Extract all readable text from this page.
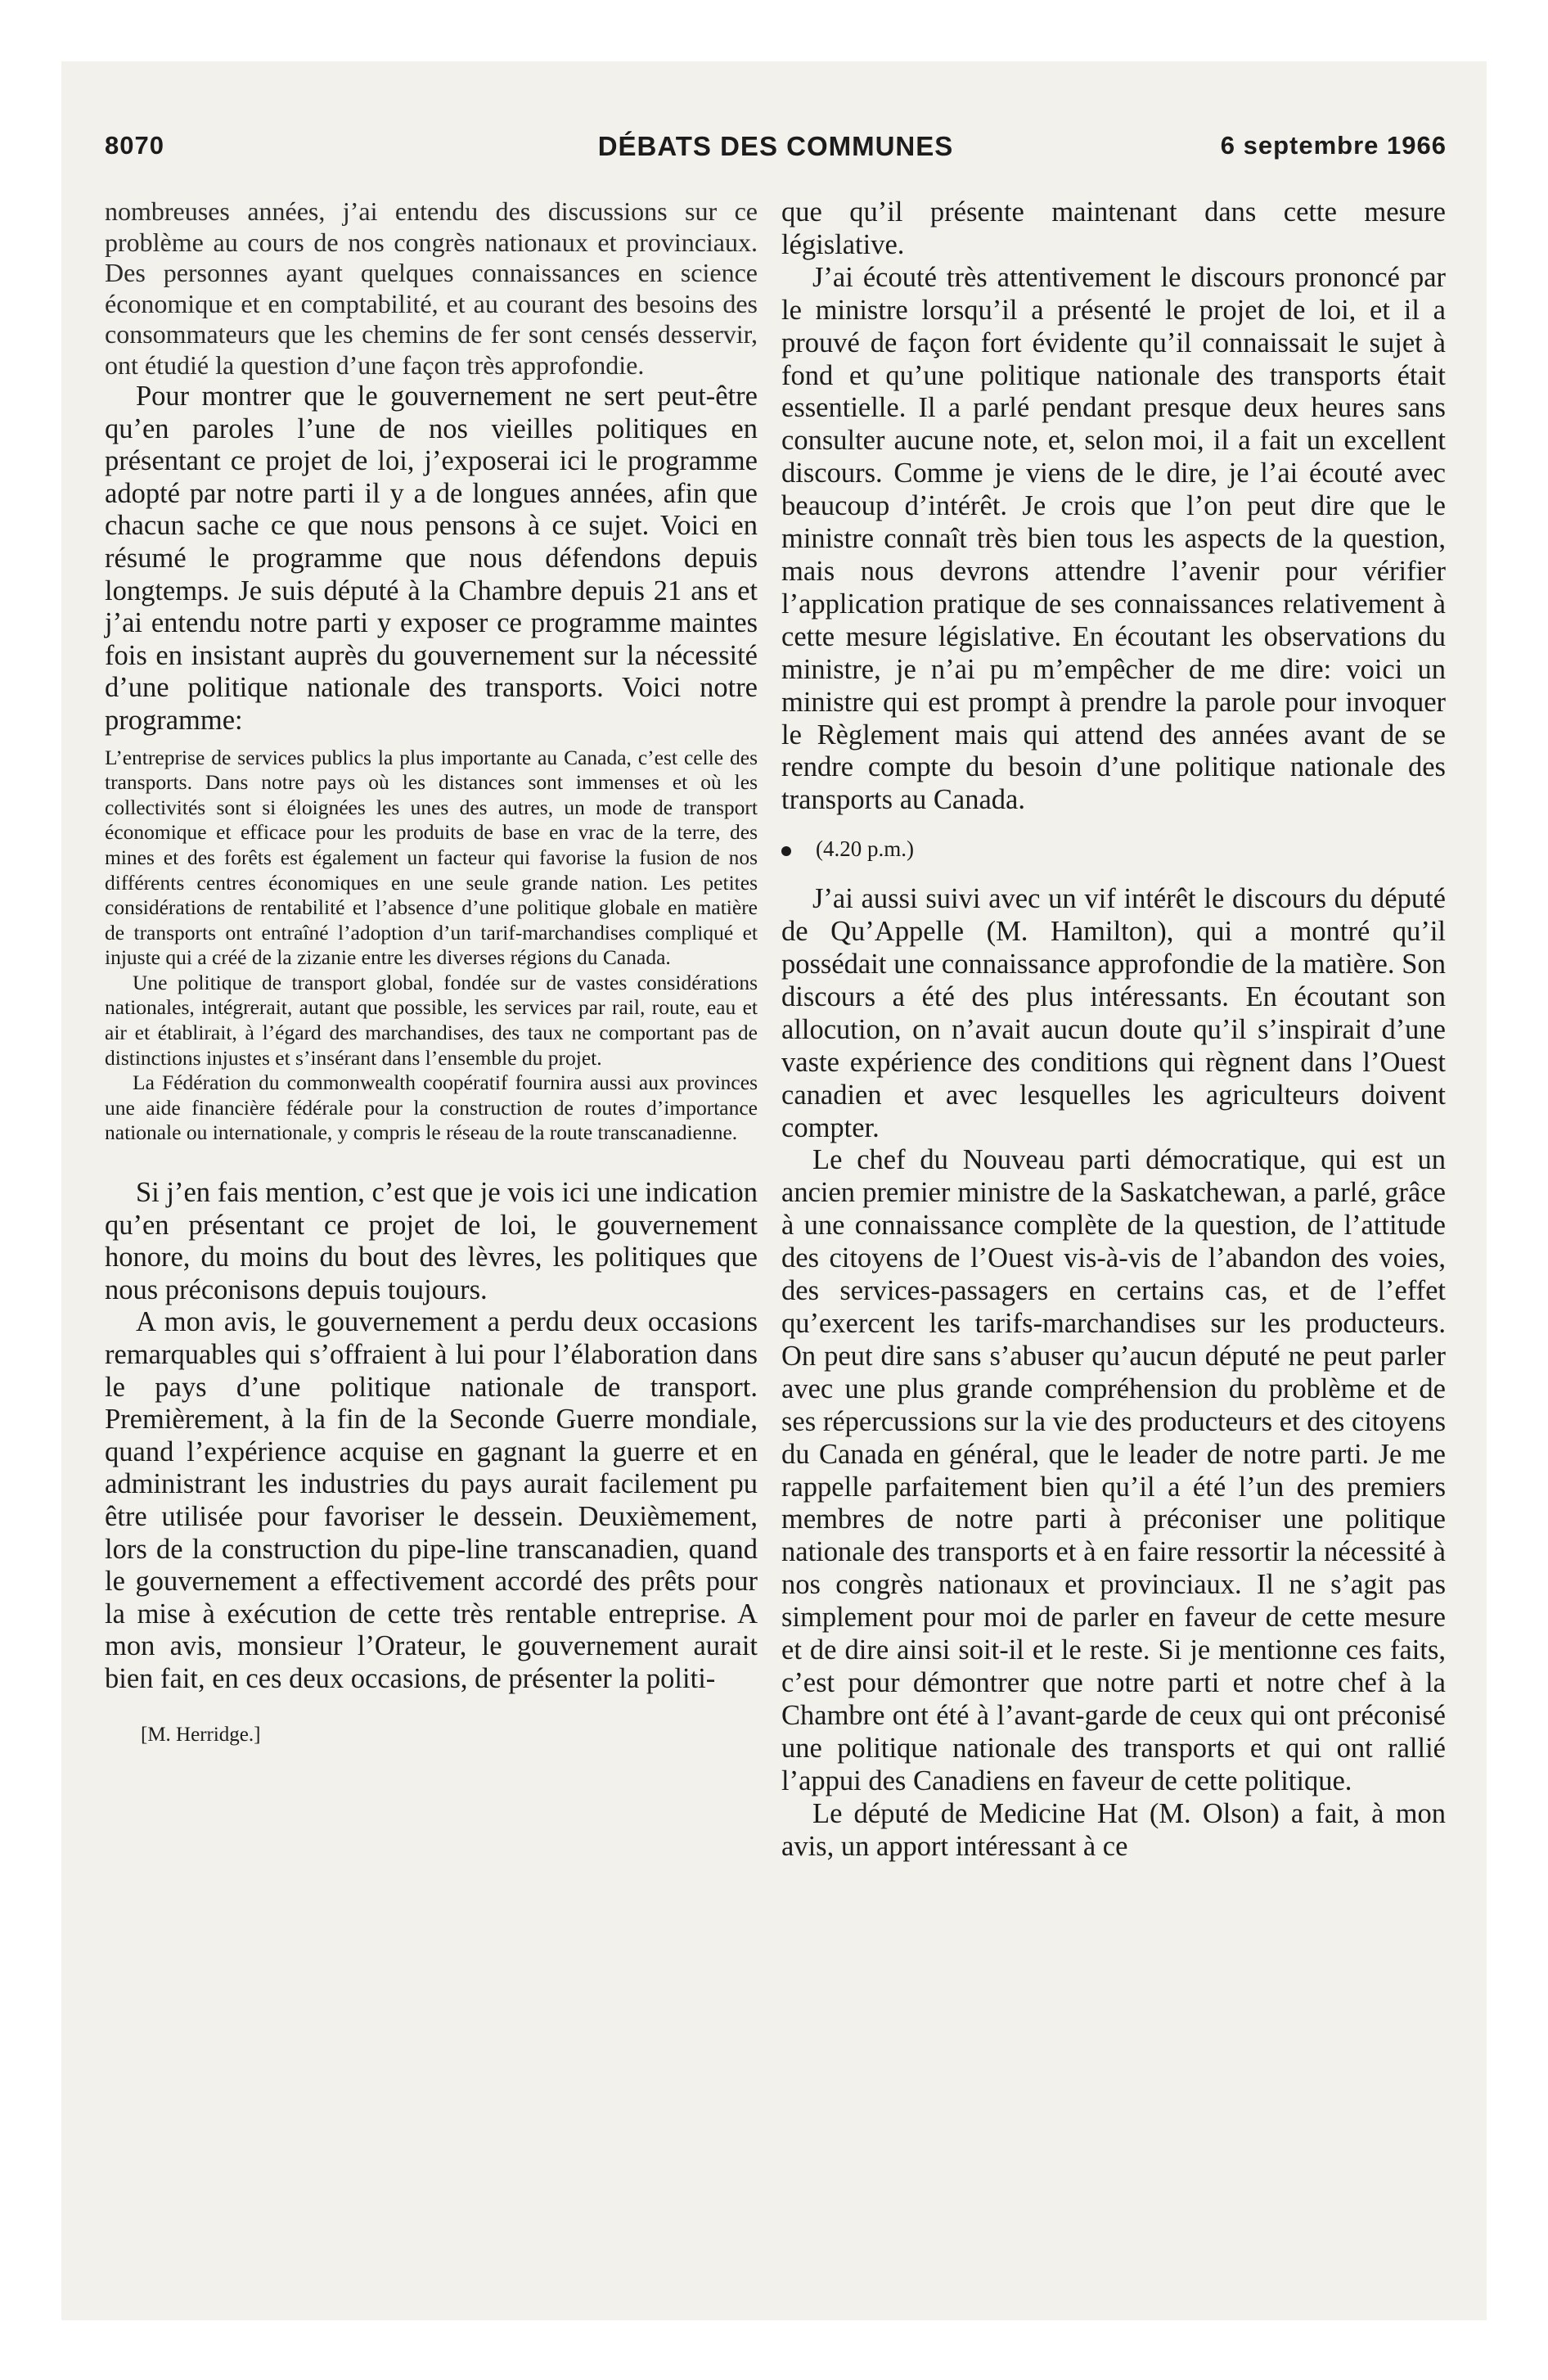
8070	DÉBATS DES COMMUNES	6 septembre 1966

nombreuses années, j’ai entendu des discussions sur ce problème au cours de nos congrès nationaux et provinciaux. Des personnes ayant quelques connaissances en science économique et en comptabilité, et au courant des besoins des consommateurs que les chemins de fer sont censés desservir, ont étudié la question d’une façon très approfondie.

Pour montrer que le gouvernement ne sert peut-être qu’en paroles l’une de nos vieilles politiques en présentant ce projet de loi, j’exposerai ici le programme adopté par notre parti il y a de longues années, afin que chacun sache ce que nous pensons à ce sujet. Voici en résumé le programme que nous défendons depuis longtemps. Je suis député à la Chambre depuis 21 ans et j’ai entendu notre parti y exposer ce programme maintes fois en insistant auprès du gouvernement sur la nécessité d’une politique nationale des transports. Voici notre programme:

L’entreprise de services publics la plus importante au Canada, c’est celle des transports. Dans notre pays où les distances sont immenses et où les collectivités sont si éloignées les unes des autres, un mode de transport économique et efficace pour les produits de base en vrac de la terre, des mines et des forêts est également un facteur qui favorise la fusion de nos différents centres économiques en une seule grande nation. Les petites considérations de rentabilité et l’absence d’une politique globale en matière de transports ont entraîné l’adoption d’un tarif-marchandises compliqué et injuste qui a créé de la zizanie entre les diverses régions du Canada.

Une politique de transport global, fondée sur de vastes considérations nationales, intégrerait, autant que possible, les services par rail, route, eau et air et établirait, à l’égard des marchandises, des taux ne comportant pas de distinctions injustes et s’insérant dans l’ensemble du projet.

La Fédération du commonwealth coopératif fournira aussi aux provinces une aide financière fédérale pour la construction de routes d’importance nationale ou internationale, y compris le réseau de la route transcanadienne.

Si j’en fais mention, c’est que je vois ici une indication qu’en présentant ce projet de loi, le gouvernement honore, du moins du bout des lèvres, les politiques que nous préconisons depuis toujours.

A mon avis, le gouvernement a perdu deux occasions remarquables qui s’offraient à lui pour l’élaboration dans le pays d’une politique nationale de transport. Premièrement, à la fin de la Seconde Guerre mondiale, quand l’expérience acquise en gagnant la guerre et en administrant les industries du pays aurait facilement pu être utilisée pour favoriser le dessein. Deuxièmement, lors de la construction du pipe-line transcanadien, quand le gouvernement a effectivement accordé des prêts pour la mise à exécution de cette très rentable entreprise. A mon avis, monsieur l’Orateur, le gouvernement aurait bien fait, en ces deux occasions, de présenter la politi-

[M. Herridge.]

que qu’il présente maintenant dans cette mesure législative.

J’ai écouté très attentivement le discours prononcé par le ministre lorsqu’il a présenté le projet de loi, et il a prouvé de façon fort évidente qu’il connaissait le sujet à fond et qu’une politique nationale des transports était essentielle. Il a parlé pendant presque deux heures sans consulter aucune note, et, selon moi, il a fait un excellent discours. Comme je viens de le dire, je l’ai écouté avec beaucoup d’intérêt. Je crois que l’on peut dire que le ministre connaît très bien tous les aspects de la question, mais nous devrons attendre l’avenir pour vérifier l’application pratique de ses connaissances relativement à cette mesure législative. En écoutant les observations du ministre, je n’ai pu m’empêcher de me dire: voici un ministre qui est prompt à prendre la parole pour invoquer le Règlement mais qui attend des années avant de se rendre compte du besoin d’une politique nationale des transports au Canada.

(4.20 p.m.)

J’ai aussi suivi avec un vif intérêt le discours du député de Qu’Appelle (M. Hamilton), qui a montré qu’il possédait une connaissance approfondie de la matière. Son discours a été des plus intéressants. En écoutant son allocution, on n’avait aucun doute qu’il s’inspirait d’une vaste expérience des conditions qui règnent dans l’Ouest canadien et avec lesquelles les agriculteurs doivent compter.

Le chef du Nouveau parti démocratique, qui est un ancien premier ministre de la Saskatchewan, a parlé, grâce à une connaissance complète de la question, de l’attitude des citoyens de l’Ouest vis-à-vis de l’abandon des voies, des services-passagers en certains cas, et de l’effet qu’exercent les tarifs-marchandises sur les producteurs. On peut dire sans s’abuser qu’aucun député ne peut parler avec une plus grande compréhension du problème et de ses répercussions sur la vie des producteurs et des citoyens du Canada en général, que le leader de notre parti. Je me rappelle parfaitement bien qu’il a été l’un des premiers membres de notre parti à préconiser une politique nationale des transports et à en faire ressortir la nécessité à nos congrès nationaux et provinciaux. Il ne s’agit pas simplement pour moi de parler en faveur de cette mesure et de dire ainsi soit-il et le reste. Si je mentionne ces faits, c’est pour démontrer que notre parti et notre chef à la Chambre ont été à l’avant-garde de ceux qui ont préconisé une politique nationale des transports et qui ont rallié l’appui des Canadiens en faveur de cette politique.

Le député de Medicine Hat (M. Olson) a fait, à mon avis, un apport intéressant à ce
